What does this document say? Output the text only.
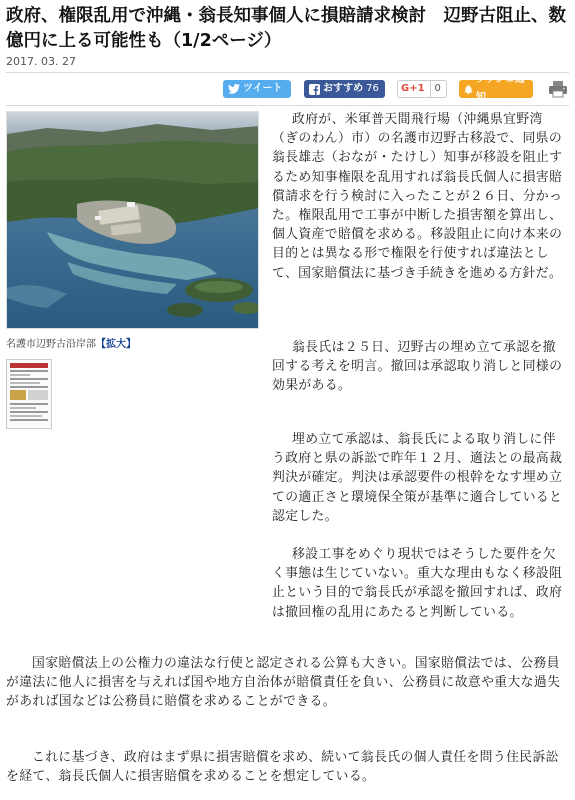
政府、権限乱用で沖縄・翁長知事個人に損賠請求検討　辺野古阻止、数億円に上る可能性も（1/2ページ）
2017. 03. 27
ツイート	おすすめ 76 G+1	0
プッシュ通知
名護市辺野古沿岸部【拡大】

政府が、米軍普天間飛行場（沖縄県宜野湾（ぎのわん）市）の名護市辺野古移設で、同県の翁長雄志（おなが・たけし）知事が移設を阻止するため知事権限を乱用すれば翁長氏個人に損害賠償請求を行う検討に入ったことが２６日、分かった。権限乱用で工事が中断した損害額を算出し、個人資産で賠償を求める。移設阻止に向け本来の目的とは異なる形で権限を行使すれば違法として、国家賠償法に基づき手続きを進める方針だ。

翁長氏は２５日、辺野古の埋め立て承認を撤回する考えを明言。撤回は承認取り消しと同様の効果がある。

埋め立て承認は、翁長氏による取り消しに伴う政府と県の訴訟で昨年１２月、適法との最高裁判決が確定。判決は承認要件の根幹をなす埋め立ての適正さと環境保全策が基準に適合していると認定した。

移設工事をめぐり現状ではそうした要件を欠く事態は生じていない。重大な理由もなく移設阻止という目的で翁長氏が承認を撤回すれば、政府は撤回権の乱用にあたると判断している。

国家賠償法上の公権力の違法な行使と認定される公算も大きい。国家賠償法では、公務員が違法に他人に損害を与えれば国や地方自治体が賠償責任を負い、公務員に故意や重大な過失があれば国などは公務員に賠償を求めることができる。

これに基づき、政府はまず県に損害賠償を求め、続いて翁長氏の個人責任を問う住民訴訟を経て、翁長氏個人に損害賠償を求めることを想定している。
